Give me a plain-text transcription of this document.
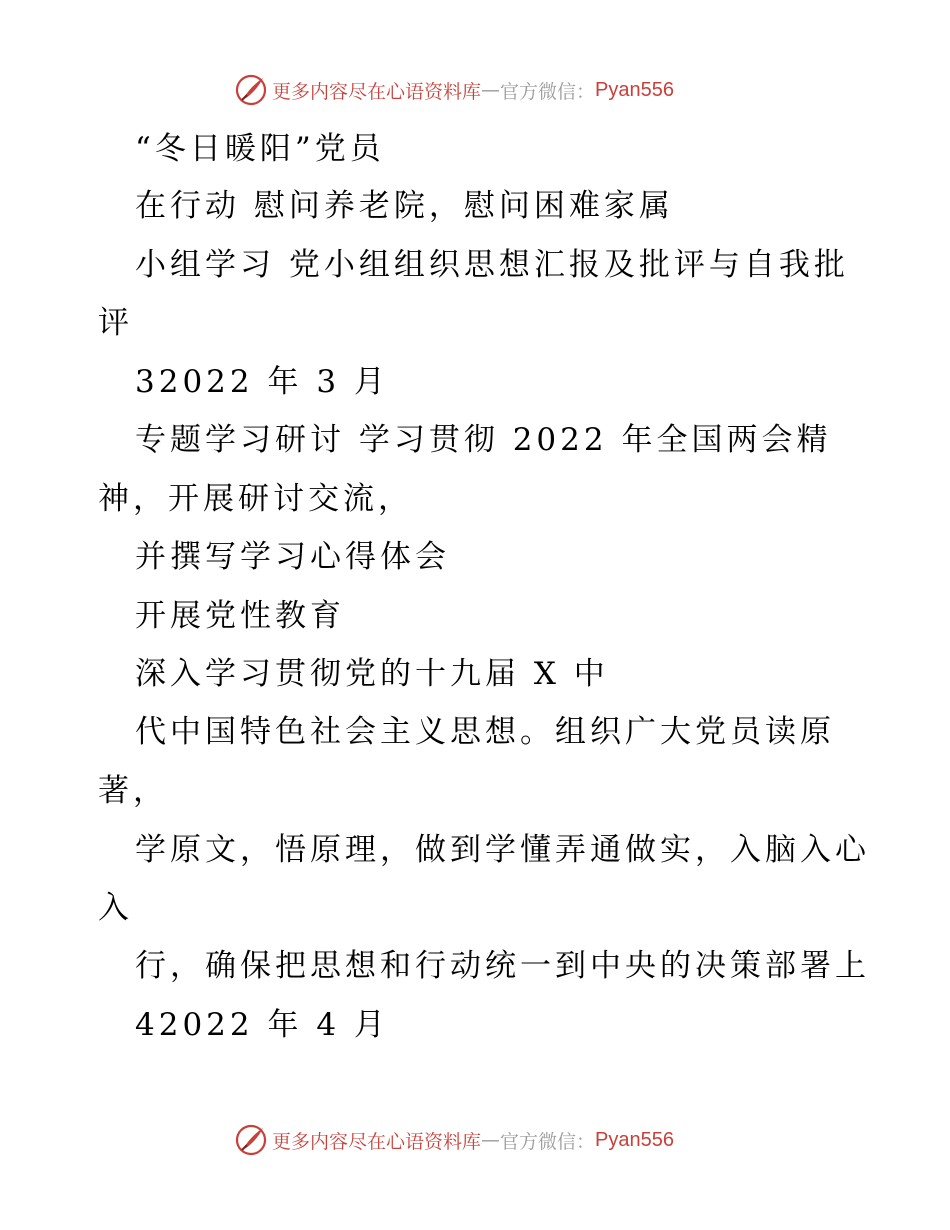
更多内容尽在心语资料库 — 官方微信： Pyan556

“冬日暖阳”党员

在行动 慰问养老院，慰问困难家属

小组学习 党小组组织思想汇报及批评与自我批

评

32022 年 3 月

专题学习研讨 学习贯彻 2022 年全国两会精

神，开展研讨交流，

并撰写学习心得体会

开展党性教育

深入学习贯彻党的十九届 X 中

代中国特色社会主义思想。组织广大党员读原

著，

学原文，悟原理，做到学懂弄通做实，入脑入心

入

行，确保把思想和行动统一到中央的决策部署上

42022 年 4 月

更多内容尽在心语资料库 — 官方微信： Pyan556
